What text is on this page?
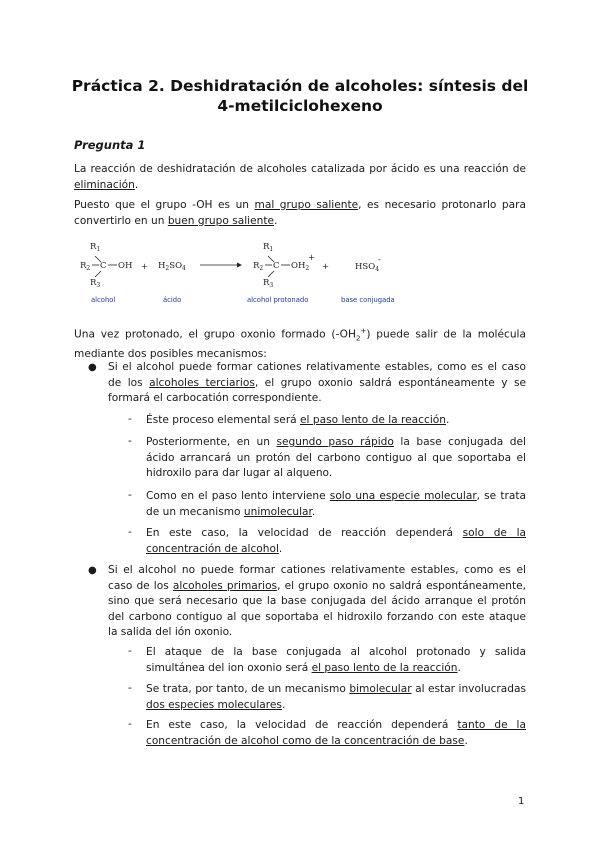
Práctica 2. Deshidratación de alcoholes: síntesis del
4-metilciclohexeno
Pregunta 1
La reacción de deshidratación de alcoholes catalizada por ácido es una reacción de eliminación.
Puesto que el grupo -OH es un mal grupo saliente, es necesario protonarlo para convertirlo en un buen grupo saliente.
$R_1$
$R_2$ C OH
$R_3$
+ $H_2SO_4$
$R_1$
$R_2$ C $OH_2$
+
$R_3$
+	$HSO_4$
-
alcohol	ácido	alcohol protonado	base conjugada
Una vez protonado, el grupo oxonio formado $(-OH_2^+)$ puede salir de la molécula mediante dos posibles mecanismos:
● Si el alcohol puede formar cationes relativamente estables, como es el caso de los alcoholes terciarios, el grupo oxonio saldrá espontáneamente y se formará el carbocatión correspondiente.
- Éste proceso elemental será el paso lento de la reacción.
- Posteriormente, en un segundo paso rápido la base conjugada del ácido arrancará un protón del carbono contiguo al que soportaba el hidroxilo para dar lugar al alqueno.
- Como en el paso lento interviene solo una especie molecular, se trata de un mecanismo unimolecular.
- En este caso, la velocidad de reacción dependerá solo de la concentración de alcohol.
● Si el alcohol no puede formar cationes relativamente estables, como es el caso de los alcoholes primarios, el grupo oxonio no saldrá espontáneamente, sino que será necesario que la base conjugada del ácido arranque el protón del carbono contiguo al que soportaba el hidroxilo forzando con este ataque la salida del ión oxonio.
- El ataque de la base conjugada al alcohol protonado y salida simultánea del ion oxonio será el paso lento de la reacción.
- Se trata, por tanto, de un mecanismo bimolecular al estar involucradas dos especies moleculares.
- En este caso, la velocidad de reacción dependerá tanto de la concentración de alcohol como de la concentración de base.
1
